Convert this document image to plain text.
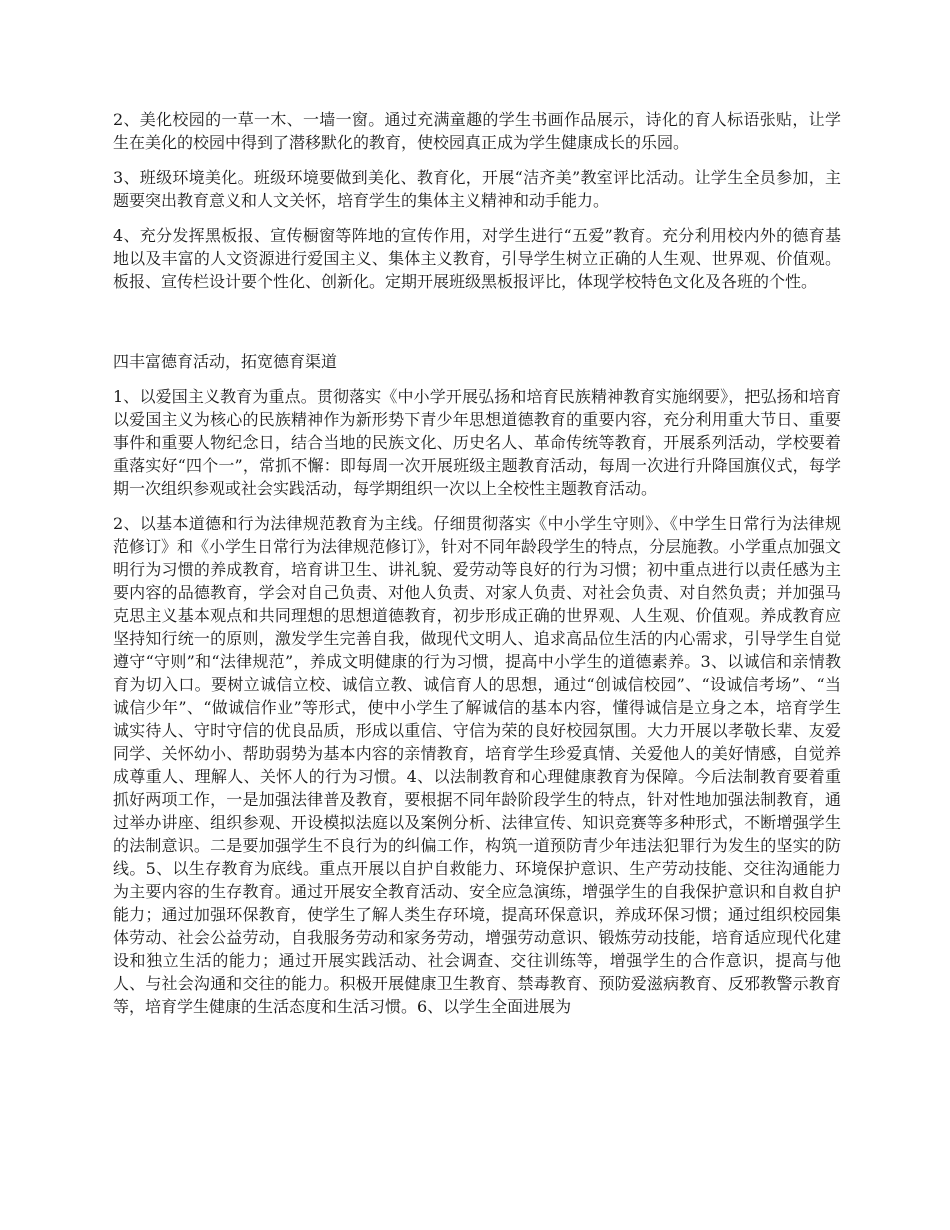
2、美化校园的一草一木、一墙一窗。通过充满童趣的学生书画作品展示，诗化的育人标语张贴，让学生在美化的校园中得到了潜移默化的教育，使校园真正成为学生健康成长的乐园。

3、班级环境美化。班级环境要做到美化、教育化，开展“洁齐美”教室评比活动。让学生全员参加，主题要突出教育意义和人文关怀，培育学生的集体主义精神和动手能力。

4、充分发挥黑板报、宣传橱窗等阵地的宣传作用，对学生进行“五爱”教育。充分利用校内外的德育基地以及丰富的人文资源进行爱国主义、集体主义教育，引导学生树立正确的人生观、世界观、价值观。板报、宣传栏设计要个性化、创新化。定期开展班级黑板报评比，体现学校特色文化及各班的个性。

四丰富德育活动，拓宽德育渠道

1、以爱国主义教育为重点。贯彻落实《中小学开展弘扬和培育民族精神教育实施纲要》，把弘扬和培育以爱国主义为核心的民族精神作为新形势下青少年思想道德教育的重要内容，充分利用重大节日、重要事件和重要人物纪念日，结合当地的民族文化、历史名人、革命传统等教育，开展系列活动，学校要着重落实好“四个一”，常抓不懈：即每周一次开展班级主题教育活动，每周一次进行升降国旗仪式，每学期一次组织参观或社会实践活动，每学期组织一次以上全校性主题教育活动。

2、以基本道德和行为法律规范教育为主线。仔细贯彻落实《中小学生守则》、《中学生日常行为法律规范修订》和《小学生日常行为法律规范修订》，针对不同年龄段学生的特点，分层施教。小学重点加强文明行为习惯的养成教育，培育讲卫生、讲礼貌、爱劳动等良好的行为习惯；初中重点进行以责任感为主要内容的品德教育，学会对自己负责、对他人负责、对家人负责、对社会负责、对自然负责；并加强马克思主义基本观点和共同理想的思想道德教育，初步形成正确的世界观、人生观、价值观。养成教育应坚持知行统一的原则，激发学生完善自我，做现代文明人、追求高品位生活的内心需求，引导学生自觉遵守“守则”和“法律规范”，养成文明健康的行为习惯，提高中小学生的道德素养。3、以诚信和亲情教育为切入口。要树立诚信立校、诚信立教、诚信育人的思想，通过“创诚信校园”、“设诚信考场”、“当诚信少年”、“做诚信作业”等形式，使中小学生了解诚信的基本内容，懂得诚信是立身之本，培育学生诚实待人、守时守信的优良品质，形成以重信、守信为荣的良好校园氛围。大力开展以孝敬长辈、友爱同学、关怀幼小、帮助弱势为基本内容的亲情教育，培育学生珍爱真情、关爱他人的美好情感，自觉养成尊重人、理解人、关怀人的行为习惯。4、以法制教育和心理健康教育为保障。今后法制教育要着重抓好两项工作，一是加强法律普及教育，要根据不同年龄阶段学生的特点，针对性地加强法制教育，通过举办讲座、组织参观、开设模拟法庭以及案例分析、法律宣传、知识竞赛等多种形式，不断增强学生的法制意识。二是要加强学生不良行为的纠偏工作，构筑一道预防青少年违法犯罪行为发生的坚实的防线。5、以生存教育为底线。重点开展以自护自救能力、环境保护意识、生产劳动技能、交往沟通能力为主要内容的生存教育。通过开展安全教育活动、安全应急演练，增强学生的自我保护意识和自救自护能力；通过加强环保教育，使学生了解人类生存环境，提高环保意识，养成环保习惯；通过组织校园集体劳动、社会公益劳动，自我服务劳动和家务劳动，增强劳动意识、锻炼劳动技能，培育适应现代化建设和独立生活的能力；通过开展实践活动、社会调查、交往训练等，增强学生的合作意识，提高与他人、与社会沟通和交往的能力。积极开展健康卫生教育、禁毒教育、预防爱滋病教育、反邪教警示教育等，培育学生健康的生活态度和生活习惯。6、以学生全面进展为
